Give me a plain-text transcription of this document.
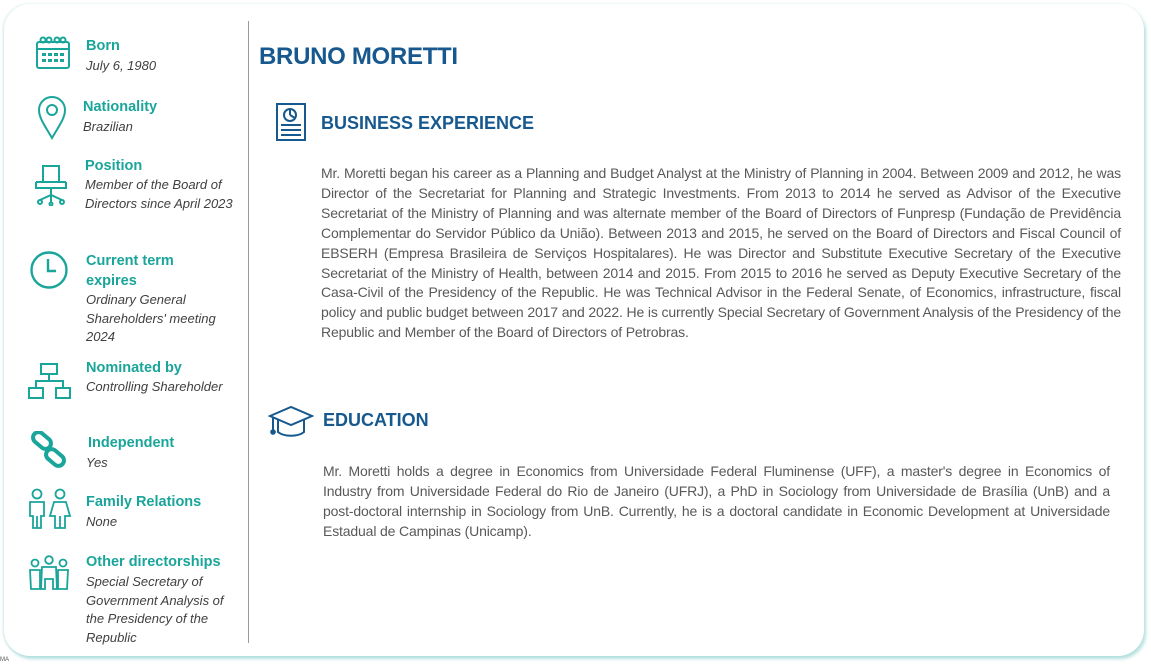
Born
July 6, 1980
Nationality
Brazilian
Position
Member of the Board of Directors since April 2023
Current term expires
Ordinary General Shareholders' meeting 2024
Nominated by
Controlling Shareholder
Independent
Yes
Family Relations
None
Other directorships
Special Secretary of Government Analysis of the Presidency of the Republic
BRUNO MORETTI
BUSINESS EXPERIENCE
Mr. Moretti began his career as a Planning and Budget Analyst at the Ministry of Planning in 2004. Between 2009 and 2012, he was Director of the Secretariat for Planning and Strategic Investments. From 2013 to 2014 he served as Advisor of the Executive Secretariat of the Ministry of Planning and was alternate member of the Board of Directors of Funpresp (Fundação de Previdência Complementar do Servidor Público da União). Between 2013 and 2015, he served on the Board of Directors and Fiscal Council of EBSERH (Empresa Brasileira de Serviços Hospitalares). He was Director and Substitute Executive Secretary of the Executive Secretariat of the Ministry of Health, between 2014 and 2015. From 2015 to 2016 he served as Deputy Executive Secretary of the Casa-Civil of the Presidency of the Republic. He was Technical Advisor in the Federal Senate, of Economics, infrastructure, fiscal policy and public budget between 2017 and 2022. He is currently Special Secretary of Government Analysis of the Presidency of the Republic and Member of the Board of Directors of Petrobras.
EDUCATION
Mr. Moretti holds a degree in Economics from Universidade Federal Fluminense (UFF), a master's degree in Economics of Industry from Universidade Federal do Rio de Janeiro (UFRJ), a PhD in Sociology from Universidade de Brasília (UnB) and a post-doctoral internship in Sociology from UnB. Currently, he is a doctoral candidate in Economic Development at Universidade Estadual de Campinas (Unicamp).
MA
